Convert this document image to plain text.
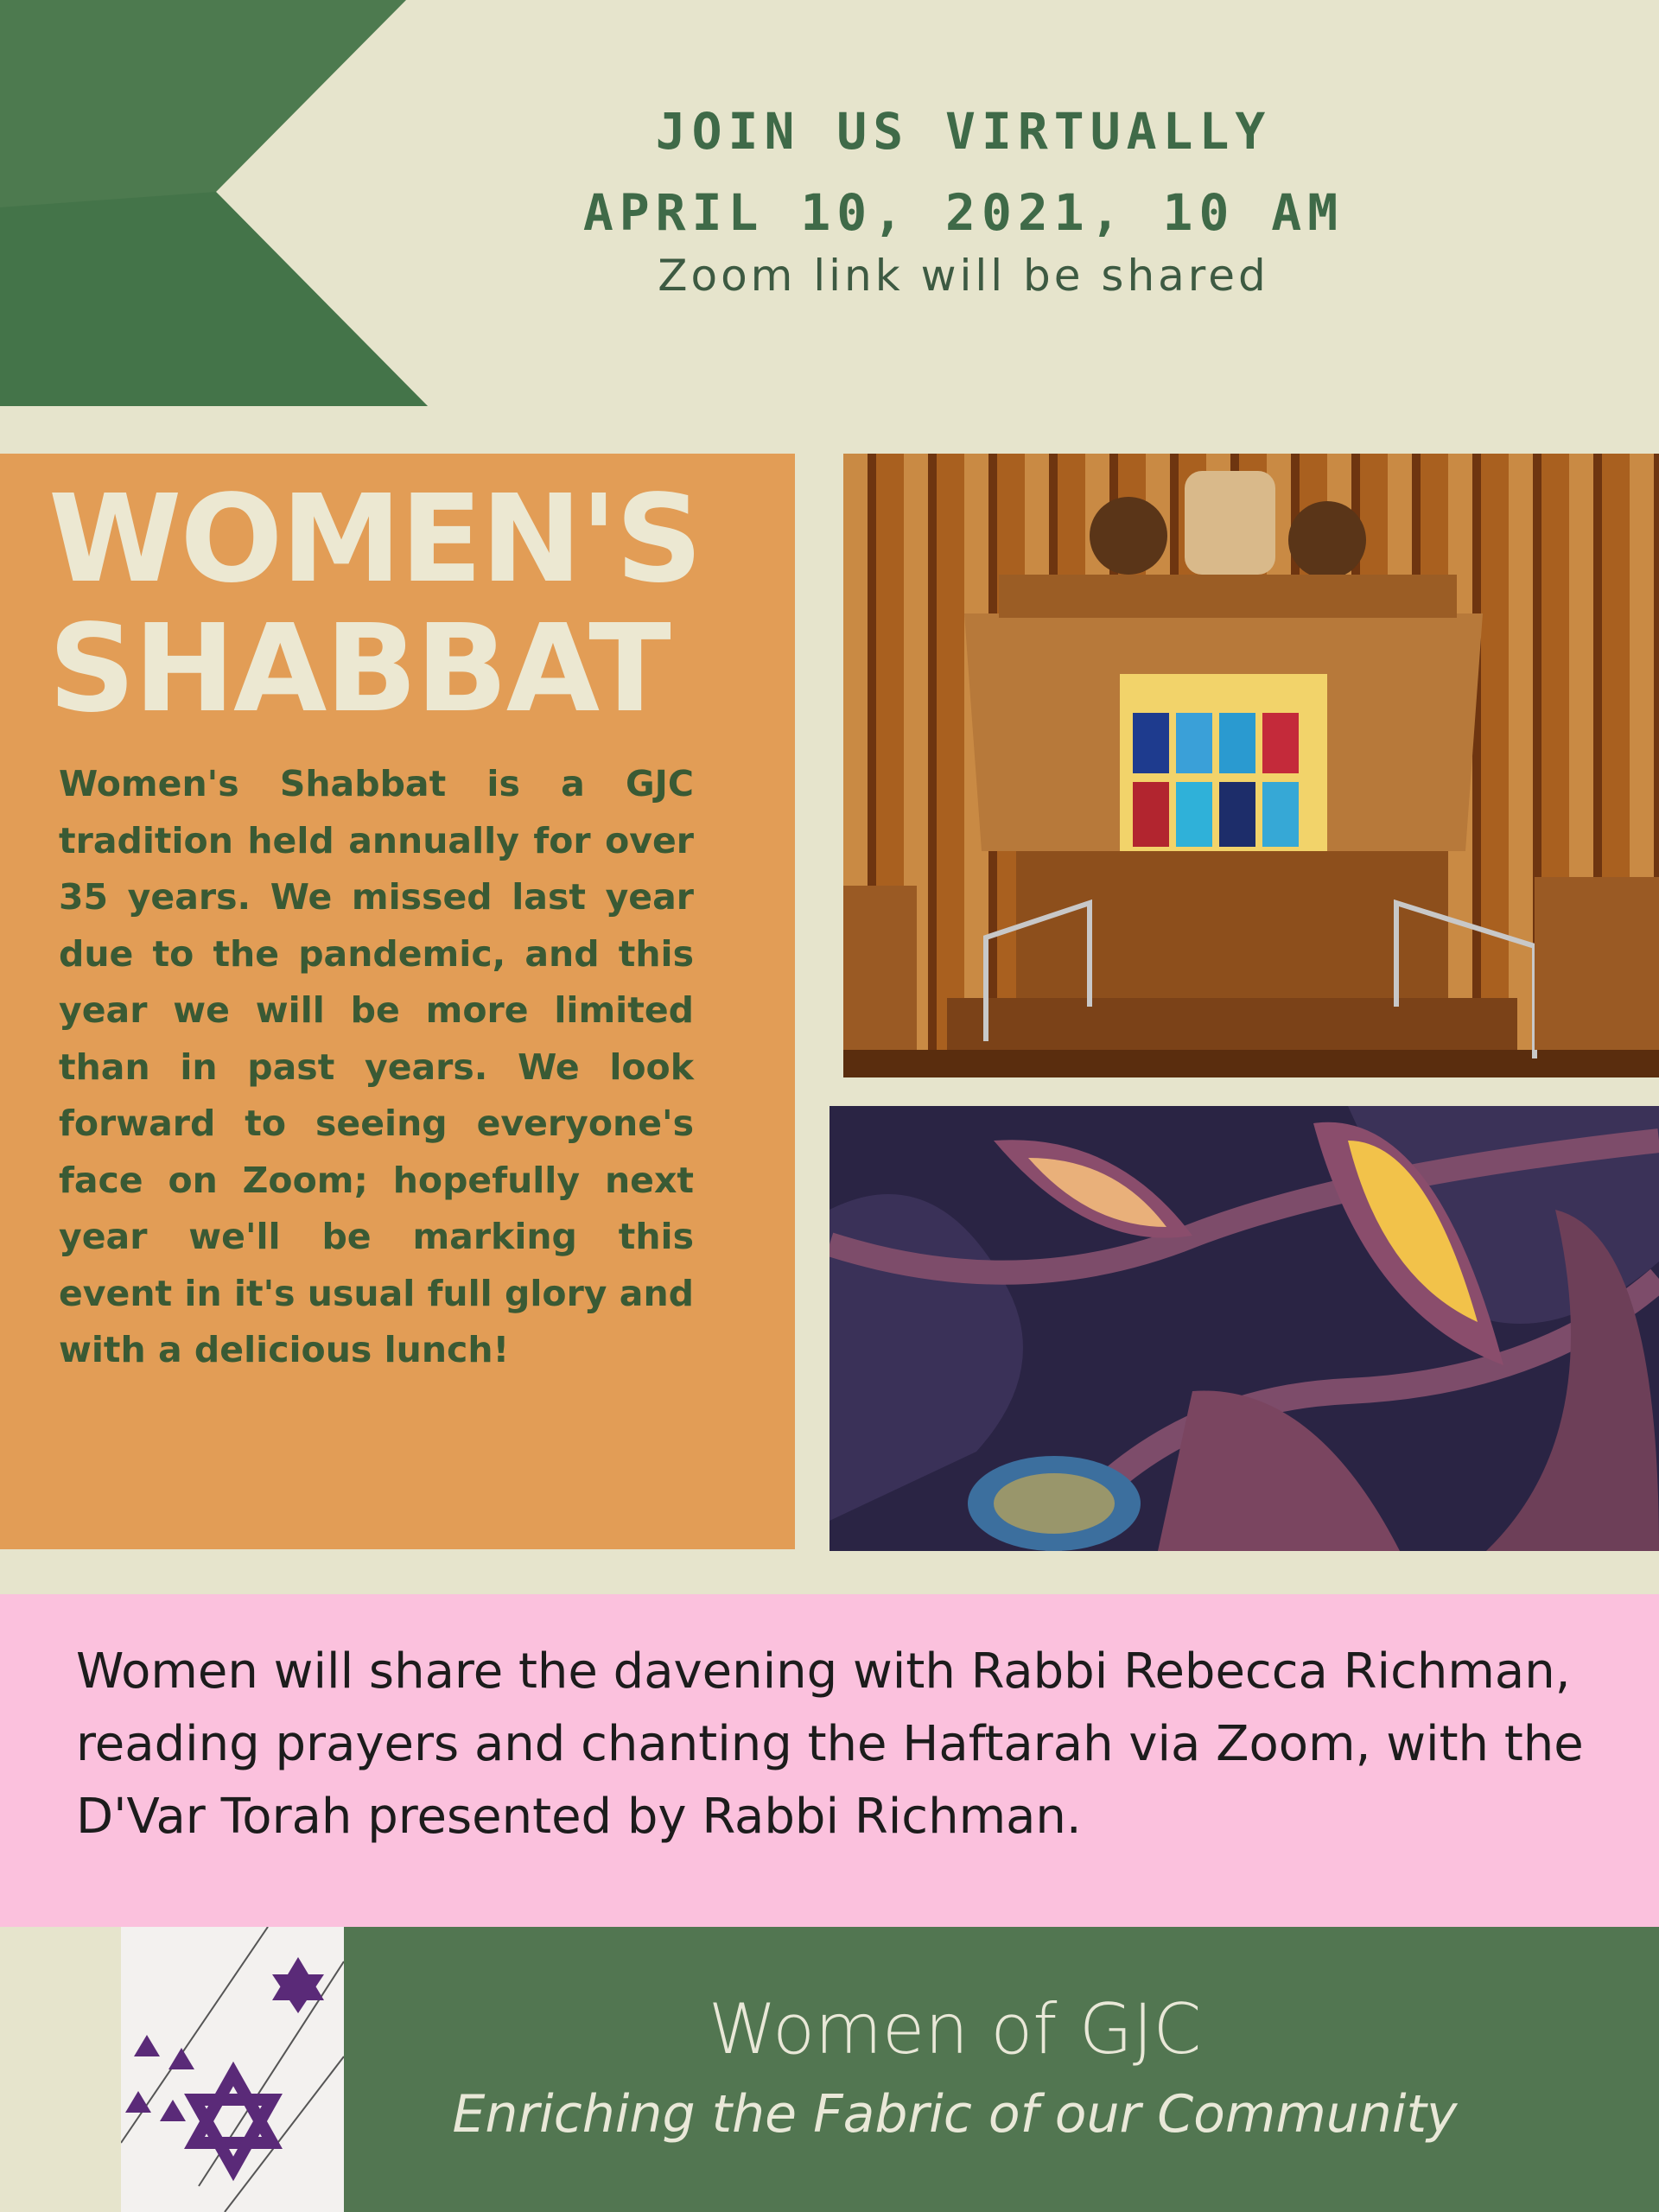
JOIN US VIRTUALLY
APRIL 10, 2021, 10 AM
Zoom link will be shared
WOMEN'S
SHABBAT
Women's Shabbat is a GJC tradition held annually for over 35 years. We missed last year due to the pandemic, and this year we will be more limited than in past years. We look forward to seeing everyone's face on Zoom; hopefully next year we'll be marking this event in it's usual full glory and with a delicious lunch!
Women will share the davening with Rabbi Rebecca Richman, reading prayers and chanting the Haftarah via Zoom, with the D'Var Torah presented by Rabbi Richman.
Women of GJC
Enriching the Fabric of our Community
